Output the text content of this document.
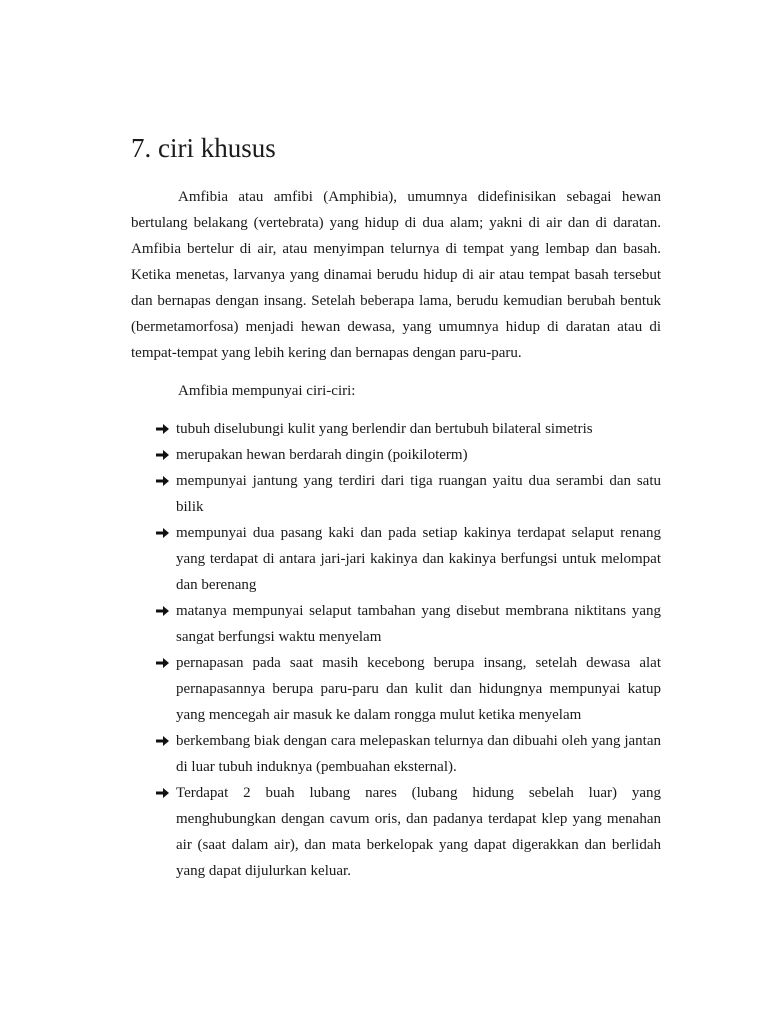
7. ciri khusus

Amfibia atau amfibi (Amphibia), umumnya didefinisikan sebagai hewan bertulang belakang (vertebrata) yang hidup di dua alam; yakni di air dan di daratan. Amfibia bertelur di air, atau menyimpan telurnya di tempat yang lembap dan basah. Ketika menetas, larvanya yang dinamai berudu hidup di air atau tempat basah tersebut dan bernapas dengan insang. Setelah beberapa lama, berudu kemudian berubah bentuk (bermetamorfosa) menjadi hewan dewasa, yang umumnya hidup di daratan atau di tempat-tempat yang lebih kering dan bernapas dengan paru-paru.

Amfibia mempunyai ciri-ciri:

tubuh diselubungi kulit yang berlendir dan bertubuh bilateral simetris
merupakan hewan berdarah dingin (poikiloterm)
mempunyai jantung yang terdiri dari tiga ruangan yaitu dua serambi dan satu bilik
mempunyai dua pasang kaki dan pada setiap kakinya terdapat selaput renang yang terdapat di antara jari-jari kakinya dan kakinya berfungsi untuk melompat dan berenang
matanya mempunyai selaput tambahan yang disebut membrana niktitans yang sangat berfungsi waktu menyelam
pernapasan pada saat masih kecebong berupa insang, setelah dewasa alat pernapasannya berupa paru-paru dan kulit dan hidungnya mempunyai katup yang mencegah air masuk ke dalam rongga mulut ketika menyelam
berkembang biak dengan cara melepaskan telurnya dan dibuahi oleh yang jantan di luar tubuh induknya (pembuahan eksternal).
Terdapat 2 buah lubang nares (lubang hidung sebelah luar) yang menghubungkan dengan cavum oris, dan padanya terdapat klep yang menahan air (saat dalam air), dan mata berkelopak yang dapat digerakkan dan berlidah yang dapat dijulurkan keluar.
